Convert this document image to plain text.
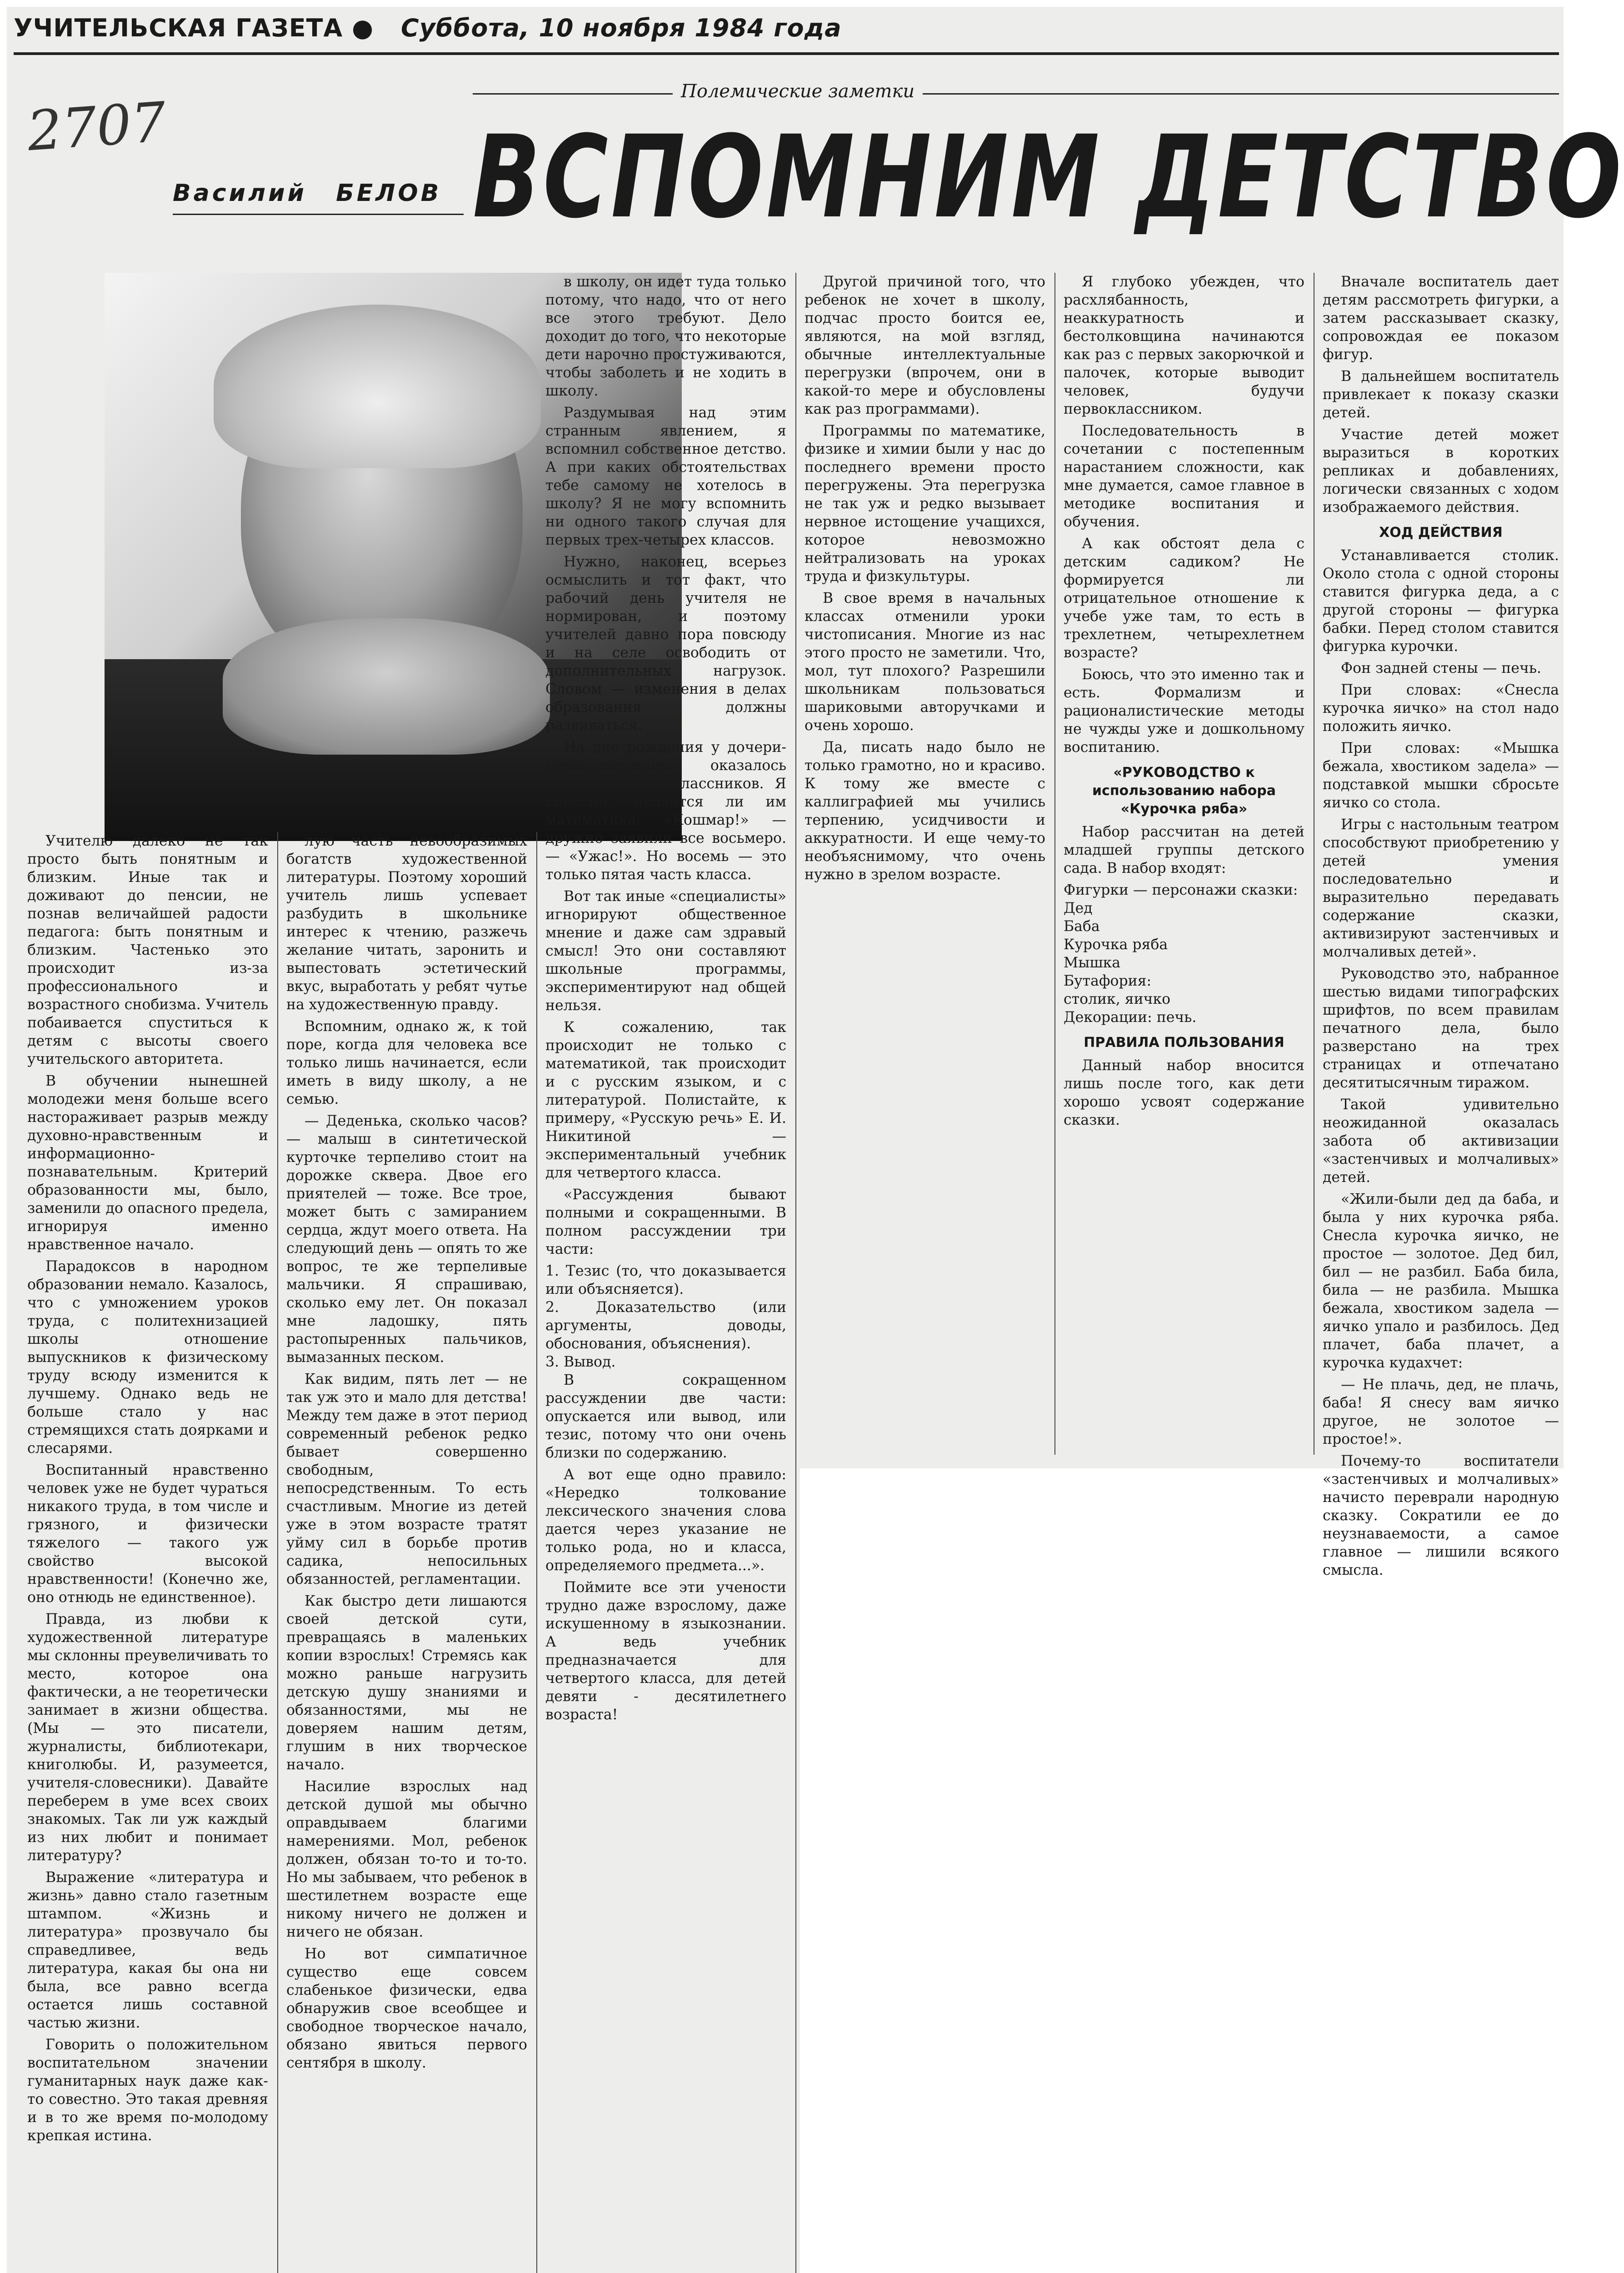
УЧИТЕЛЬСКАЯ ГАЗЕТА ● Суббота, 10 ноября 1984 года
Полемические заметки
2707
Василий БЕЛОВ ВСПОМНИМ ДЕТСТВО

Учителю далеко не так просто быть понятным и близким. Иные так и доживают до пенсии, не познав величайшей радости педагога: быть понятным и близким. Частенько это происходит из-за профессионального и возрастного снобизма. Учитель побаивается спуститься к детям с высоты своего учительского авторитета.

В обучении нынешней молодежи меня больше всего настораживает разрыв между духовно-нравственным и информационно-познавательным. Критерий образованности мы, было, заменили до опасного предела, игнорируя именно нравственное начало.

Парадоксов в народном образовании немало. Казалось, что с умножением уроков труда, с политехнизацией школы отношение выпускников к физическому труду всюду изменится к лучшему. Однако ведь не больше стало у нас стремящихся стать доярками и слесарями.

Воспитанный нравственно человек уже не будет чураться никакого труда, в том числе и грязного, и физически тяжелого — такого уж свойство высокой нравственности! (Конечно же, оно отнюдь не единственное).

Правда, из любви к художественной литературе мы склонны преувеличивать то место, которое она фактически, а не теоретически занимает в жизни общества. (Мы — это писатели, журналисты, библиотекари, книголюбы. И, разумеется, учителя-словесники). Давайте переберем в уме всех своих знакомых. Так ли уж каждый из них любит и понимает литературу?

Выражение «литература и жизнь» давно стало газетным штампом. «Жизнь и литература» прозвучало бы справедливее, ведь литература, какая бы она ни была, все равно всегда остается лишь составной частью жизни.

Говорить о положительном воспитательном значении гуманитарных наук даже как-то совестно. Это такая древняя и в то же время по-молодому крепкая истина.

лую часть невообразимых богатств художественной литературы. Поэтому хороший учитель лишь успевает разбудить в школьнике интерес к чтению, разжечь желание читать, заронить и выпестовать эстетический вкус, выработать у ребят чутье на художественную правду.

Вспомним, однако ж, к той поре, когда для человека все только лишь начинается, если иметь в виду школу, а не семью.

— Деденька, сколько часов? — малыш в синтетической курточке терпеливо стоит на дорожке сквера. Двое его приятелей — тоже. Все трое, может быть с замиранием сердца, ждут моего ответа. На следующий день — опять то же вопрос, те же терпеливые мальчики. Я спрашиваю, сколько ему лет. Он показал мне ладошку, пять растопыренных пальчиков, вымазанных песком.

Как видим, пять лет — не так уж это и мало для детства! Между тем даже в этот период современный ребенок редко бывает совершенно свободным, непосредственным. То есть счастливым. Многие из детей уже в этом возрасте тратят уйму сил в борьбе против садика, непосильных обязанностей, регламентации.

Как быстро дети лишаются своей детской сути, превращаясь в маленьких копии взрослых! Стремясь как можно раньше нагрузить детскую душу знаниями и обязанностями, мы не доверяем нашим детям, глушим в них творческое начало.

Насилие взрослых над детской душой мы обычно оправдываем благими намерениями. Мол, ребенок должен, обязан то-то и то-то. Но мы забываем, что ребенок в шестилетнем возрасте еще никому ничего не должен и ничего не обязан.

Но вот симпатичное существо еще совсем слабенькое физически, едва обнаружив свое всеобщее и свободное творческое начало, обязано явиться первого сентября в школу.

в школу, он идет туда только потому, что надо, что от него все этого требуют. Дело доходит до того, что некоторые дети нарочно простуживаются, чтобы заболеть и не ходить в школу.

Раздумывая над этим странным явлением, я вспомнил собственное детство. А при каких обстоятельствах тебе самому не хотелось в школу? Я не могу вспомнить ни одного такого случая для первых трех-четырех классов.

Нужно, наконец, всерьез осмыслить и тот факт, что рабочий день учителя не нормирован, и поэтому учителей давно пора повсюду и на селе освободить от дополнительных нагрузок. Словом — изменения в делах образования должны развиваться.

На дне рождения у дочери-первоклассницы оказалось восемь ее одноклассников. Я спросил, нравится ли им математика. «Кошмар!» — дружно заявили все восьмеро. — «Ужас!». Но восемь — это только пятая часть класса.

Вот так иные «специалисты» игнорируют общественное мнение и даже сам здравый смысл! Это они составляют школьные программы, экспериментируют над общей нельзя.

К сожалению, так происходит не только с математикой, так происходит и с русским языком, и с литературой. Полистайте, к примеру, «Русскую речь» Е. И. Никитиной — экспериментальный учебник для четвертого класса.

«Рассуждения бывают полными и сокращенными. В полном рассуждении три части:

1. Тезис (то, что доказывается или объясняется).

2. Доказательство (или аргументы, доводы, обоснования, объяснения).

3. Вывод.

В сокращенном рассуждении две части: опускается или вывод, или тезис, потому что они очень близки по содержанию.

А вот еще одно правило: «Нередко толкование лексического значения слова дается через указание не только рода, но и класса, определяемого предмета...».

Поймите все эти учености трудно даже взрослому, даже искушенному в языкознании. А ведь учебник предназначается для четвертого класса, для детей девяти - десятилетнего возраста!

Другой причиной того, что ребенок не хочет в школу, подчас просто боится ее, являются, на мой взгляд, обычные интеллектуальные перегрузки (впрочем, они в какой-то мере и обусловлены как раз программами).

Программы по математике, физике и химии были у нас до последнего времени просто перегружены. Эта перегрузка не так уж и редко вызывает нервное истощение учащихся, которое невозможно нейтрализовать на уроках труда и физкультуры.

В свое время в начальных классах отменили уроки чистописания. Многие из нас этого просто не заметили. Что, мол, тут плохого? Разрешили школьникам пользоваться шариковыми авторучками и очень хорошо.

Да, писать надо было не только грамотно, но и красиво. К тому же вместе с каллиграфией мы учились терпению, усидчивости и аккуратности. И еще чему-то необъяснимому, что очень нужно в зрелом возрасте.

Я глубоко убежден, что расхлябанность, неаккуратность и бестолковщина начинаются как раз с первых закорючкой и палочек, которые выводит человек, будучи первоклассником.

Последовательность в сочетании с постепенным нарастанием сложности, как мне думается, самое главное в методике воспитания и обучения.

А как обстоят дела с детским садиком? Не формируется ли отрицательное отношение к учебе уже там, то есть в трехлетнем, четырехлетнем возрасте?

Боюсь, что это именно так и есть. Формализм и рационалистические методы не чужды уже и дошкольному воспитанию.

«РУКОВОДСТВО к использованию набора «Курочка ряба»

Набор рассчитан на детей младшей группы детского сада. В набор входят:

Фигурки — персонажи сказки:

Дед

Баба

Курочка ряба

Мышка

Бутафория:

столик, яичко

Декорации: печь.

ПРАВИЛА ПОЛЬЗОВАНИЯ

Данный набор вносится лишь после того, как дети хорошо усвоят содержание сказки.

Вначале воспитатель дает детям рассмотреть фигурки, а затем рассказывает сказку, сопровождая ее показом фигур.

В дальнейшем воспитатель привлекает к показу сказки детей.

Участие детей может выразиться в коротких репликах и добавлениях, логически связанных с ходом изображаемого действия.

ХОД ДЕЙСТВИЯ

Устанавливается столик. Около стола с одной стороны ставится фигурка деда, а с другой стороны — фигурка бабки. Перед столом ставится фигурка курочки.

Фон задней стены — печь.

При словах: «Снесла курочка яичко» на стол надо положить яичко.

При словах: «Мышка бежала, хвостиком задела» — подставкой мышки сбросьте яичко со стола.

Игры с настольным театром способствуют приобретению у детей умения последовательно и выразительно передавать содержание сказки, активизируют застенчивых и молчаливых детей».

Руководство это, набранное шестью видами типографских шрифтов, по всем правилам печатного дела, было разверстано на трех страницах и отпечатано десятитысячным тиражом.

Такой удивительно неожиданной оказалась забота об активизации «застенчивых и молчаливых» детей.

«Жили-были дед да баба, и была у них курочка ряба. Снесла курочка яичко, не простое — золотое. Дед бил, бил — не разбил. Баба била, била — не разбила. Мышка бежала, хвостиком задела — яичко упало и разбилось. Дед плачет, баба плачет, а курочка кудахчет:

— Не плачь, дед, не плачь, баба! Я снесу вам яичко другое, не золотое — простое!».

Почему-то воспитатели «застенчивых и молчаливых» начисто переврали народную сказку. Сократили ее до неузнаваемости, а самое главное — лишили всякого смысла.
